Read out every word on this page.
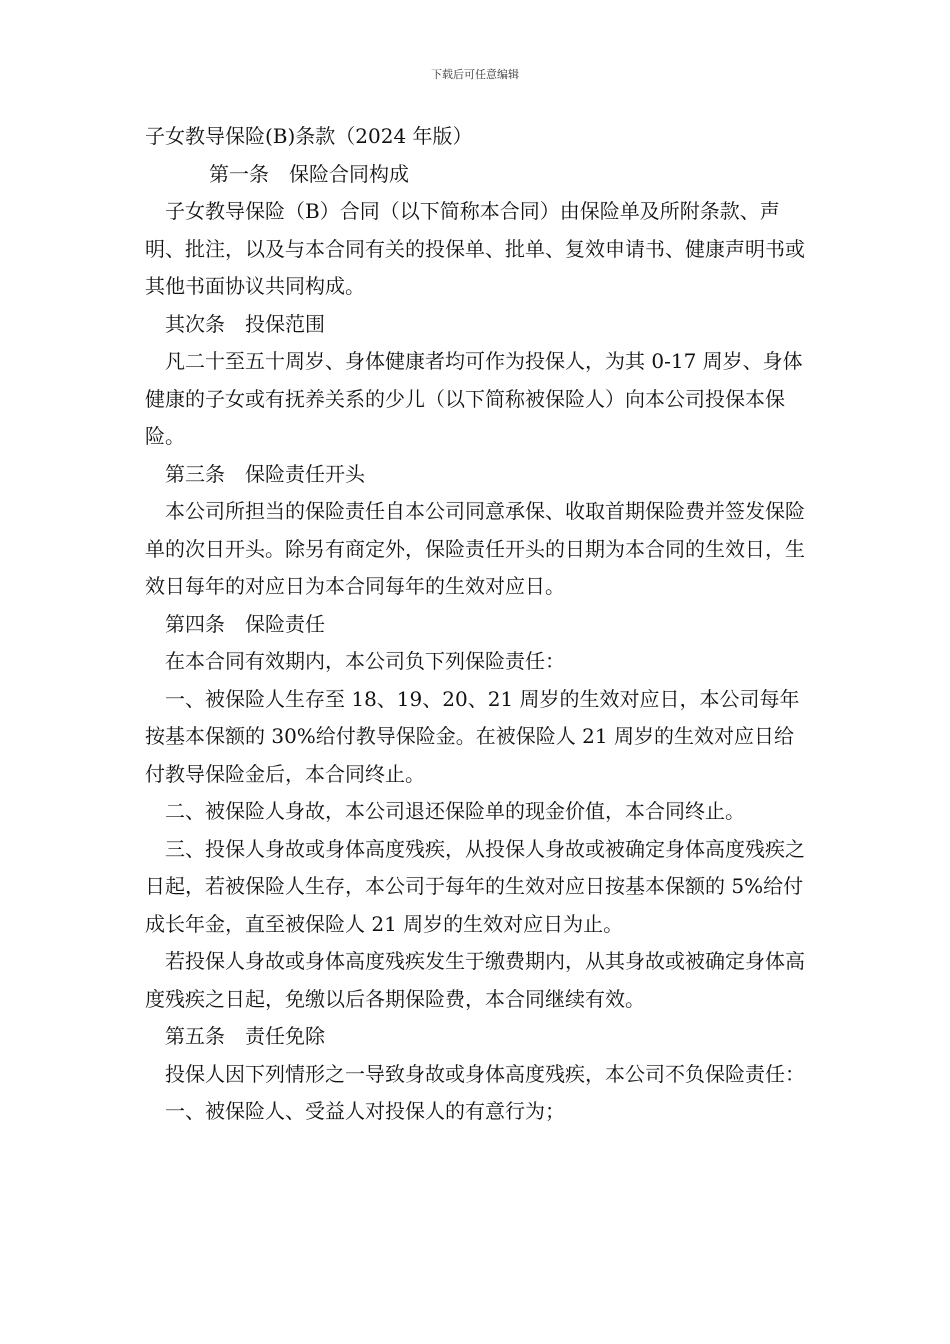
下载后可任意编辑

子女教导保险(B)条款（2024 年版）

第一条　保险合同构成

子女教导保险（B）合同（以下简称本合同）由保险单及所附条款、声明、批注，以及与本合同有关的投保单、批单、复效申请书、健康声明书或其他书面协议共同构成。

其次条　投保范围

凡二十至五十周岁、身体健康者均可作为投保人，为其 0-17 周岁、身体健康的子女或有抚养关系的少儿（以下简称被保险人）向本公司投保本保险。

第三条　保险责任开头

本公司所担当的保险责任自本公司同意承保、收取首期保险费并签发保险单的次日开头。除另有商定外，保险责任开头的日期为本合同的生效日，生效日每年的对应日为本合同每年的生效对应日。

第四条　保险责任

在本合同有效期内，本公司负下列保险责任：

一、被保险人生存至 18、19、20、21 周岁的生效对应日，本公司每年按基本保额的 30%给付教导保险金。在被保险人 21 周岁的生效对应日给付教导保险金后，本合同终止。

二、被保险人身故，本公司退还保险单的现金价值，本合同终止。

三、投保人身故或身体高度残疾，从投保人身故或被确定身体高度残疾之日起，若被保险人生存，本公司于每年的生效对应日按基本保额的 5%给付成长年金，直至被保险人 21 周岁的生效对应日为止。

若投保人身故或身体高度残疾发生于缴费期内，从其身故或被确定身体高度残疾之日起，免缴以后各期保险费，本合同继续有效。

第五条　责任免除

投保人因下列情形之一导致身故或身体高度残疾，本公司不负保险责任：

一、被保险人、受益人对投保人的有意行为；
